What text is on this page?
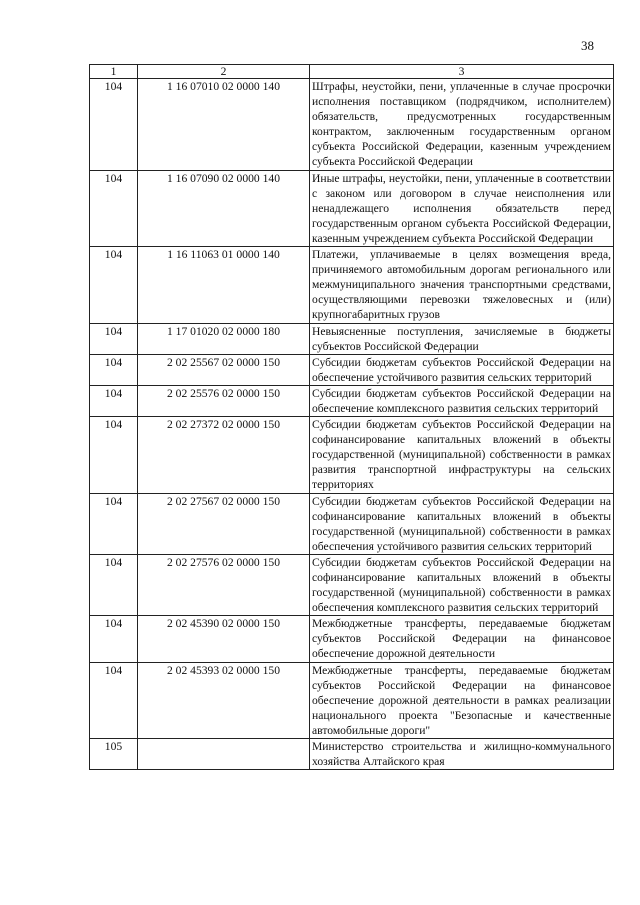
38
1	2	3
104	1 16 07010 02 0000 140	Штрафы, неустойки, пени, уплаченные в случае просрочки исполнения поставщиком (подрядчиком, исполнителем) обязательств, предусмотренных государственным контрактом, заключенным государственным органом субъекта Российской Федерации, казенным учреждением субъекта Российской Федерации
104	1 16 07090 02 0000 140	Иные штрафы, неустойки, пени, уплаченные в соответствии с законом или договором в случае неисполнения или ненадлежащего исполнения обязательств перед государственным органом субъекта Российской Федерации, казенным учреждением субъекта Российской Федерации
104	1 16 11063 01 0000 140	Платежи, уплачиваемые в целях возмещения вреда, причиняемого автомобильным дорогам регионального или межмуниципального значения транспортными средствами, осуществляющими перевозки тяжеловесных и (или) крупногабаритных грузов
104	1 17 01020 02 0000 180	Невыясненные поступления, зачисляемые в бюджеты субъектов Российской Федерации
104	2 02 25567 02 0000 150	Субсидии бюджетам субъектов Российской Федерации на обеспечение устойчивого развития сельских территорий
104	2 02 25576 02 0000 150	Субсидии бюджетам субъектов Российской Федерации на обеспечение комплексного развития сельских территорий
104	2 02 27372 02 0000 150	Субсидии бюджетам субъектов Российской Федерации на софинансирование капитальных вложений в объекты государственной (муниципальной) собственности в рамках развития транспортной инфраструктуры на сельских территориях
104	2 02 27567 02 0000 150	Субсидии бюджетам субъектов Российской Федерации на софинансирование капитальных вложений в объекты государственной (муниципальной) собственности в рамках обеспечения устойчивого развития сельских территорий
104	2 02 27576 02 0000 150	Субсидии бюджетам субъектов Российской Федерации на софинансирование капитальных вложений в объекты государственной (муниципальной) собственности в рамках обеспечения комплексного развития сельских территорий
104	2 02 45390 02 0000 150	Межбюджетные трансферты, передаваемые бюджетам субъектов Российской Федерации на финансовое обеспечение дорожной деятельности
104	2 02 45393 02 0000 150	Межбюджетные трансферты, передаваемые бюджетам субъектов Российской Федерации на финансовое обеспечение дорожной деятельности в рамках реализации национального проекта "Безопасные и качественные автомобильные дороги"
105		Министерство строительства и жилищно-коммунального хозяйства Алтайского края
